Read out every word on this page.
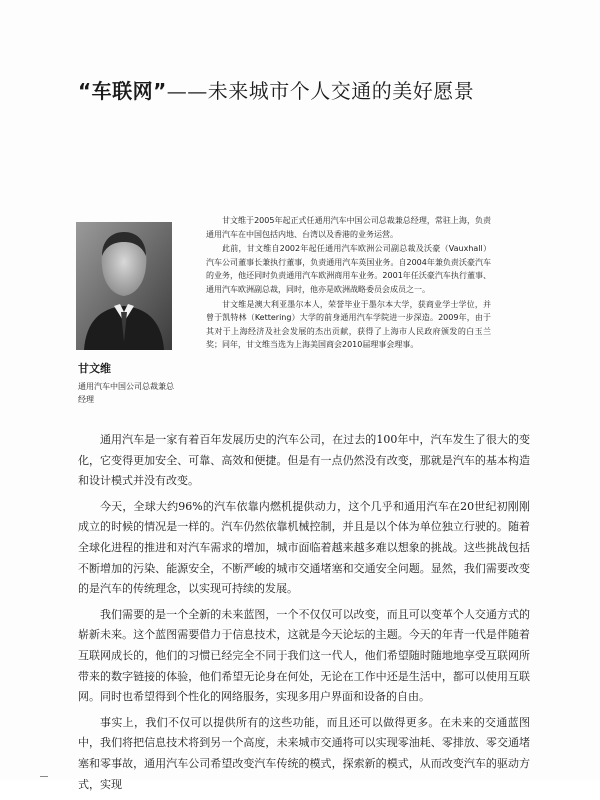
“车联网”——未来城市个人交通的美好愿景
甘文维
通用汽车中国公司总裁兼总经理

甘文维于2005年起正式任通用汽车中国公司总裁兼总经理，常驻上海，负责通用汽车在中国包括内地、台湾以及香港的业务运营。

此前，甘文维自2002年起任通用汽车欧洲公司副总裁及沃豪（Vauxhall）汽车公司董事长兼执行董事，负责通用汽车英国业务。自2004年兼负责沃豪汽车的业务，他还同时负责通用汽车欧洲商用车业务。2001年任沃豪汽车执行董事、通用汽车欧洲副总裁，同时，他亦是欧洲战略委员会成员之一。

甘文维是澳大利亚墨尔本人，荣誉毕业于墨尔本大学，获商业学士学位，并曾于凯特林（Kettering）大学的前身通用汽车学院进一步深造。2009年，由于其对于上海经济及社会发展的杰出贡献，获得了上海市人民政府颁发的白玉兰奖；同年，甘文维当选为上海美国商会2010届理事会理事。

通用汽车是一家有着百年发展历史的汽车公司，在过去的100年中，汽车发生了很大的变化，它变得更加安全、可靠、高效和便捷。但是有一点仍然没有改变，那就是汽车的基本构造和设计模式并没有改变。

今天，全球大约96%的汽车依靠内燃机提供动力，这个几乎和通用汽车在20世纪初刚刚成立的时候的情况是一样的。汽车仍然依靠机械控制，并且是以个体为单位独立行驶的。随着全球化进程的推进和对汽车需求的增加，城市面临着越来越多难以想象的挑战。这些挑战包括不断增加的污染、能源安全，不断严峻的城市交通堵塞和交通安全问题。显然，我们需要改变的是汽车的传统理念，以实现可持续的发展。

我们需要的是一个全新的未来蓝图，一个不仅仅可以改变，而且可以变革个人交通方式的崭新未来。这个蓝图需要借力于信息技术，这就是今天论坛的主题。今天的年青一代是伴随着互联网成长的，他们的习惯已经完全不同于我们这一代人，他们希望随时随地地享受互联网所带来的数字链接的体验，他们希望无论身在何处，无论在工作中还是生活中，都可以使用互联网。同时也希望得到个性化的网络服务，实现多用户界面和设备的自由。

事实上，我们不仅可以提供所有的这些功能，而且还可以做得更多。在未来的交通蓝图中，我们将把信息技术将到另一个高度，未来城市交通将可以实现零油耗、零排放、零交通堵塞和零事故，通用汽车公司希望改变汽车传统的模式，探索新的模式，从而改变汽车的驱动方式，实现
